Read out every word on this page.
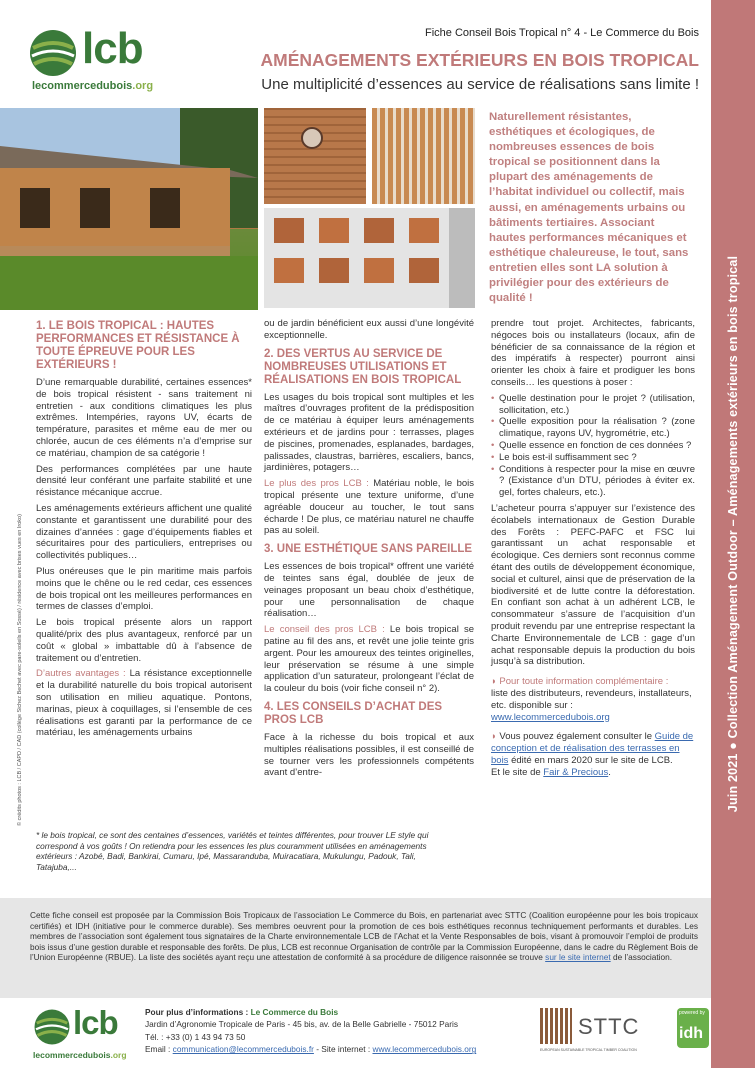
Juin 2021 ● Collection Aménagement Outdoor – Aménagements extérieurs en bois tropical
lcb
lecommercedubois.org
Fiche Conseil Bois Tropical n° 4 - Le Commerce du Bois
AMÉNAGEMENTS EXTÉRIEURS EN BOIS TROPICAL
Une multiplicité d’essences au service de réalisations sans limite !
Naturellement résistantes, esthétiques et écologiques, de nombreuses essences de bois tropical se positionnent dans la plupart des aménagements de l’habitat individuel ou collectif, mais aussi, en aménagements urbains ou bâtiments tertiaires. Associant hautes performances mécaniques et esthétique chaleureuse, le tout, sans entretien elles sont LA solution à privilégier pour des extérieurs de qualité !
© crédits photos : LCB / CAPD / CAD (collège Sichez Bechet avec pare-soleils en Sossé) / résidence avec brises vues en Iroko)
1. LE BOIS TROPICAL : HAUTES PERFORMANCES ET RÉSISTANCE À TOUTE ÉPREUVE POUR LES EXTÉRIEURS !

D’une remarquable durabilité, certaines essences* de bois tropical résistent - sans traitement ni entretien - aux conditions climatiques les plus extrêmes. Intempéries, rayons UV, écarts de température, parasites et même eau de mer ou chlorée, aucun de ces éléments n’a d’emprise sur ce matériau, champion de sa catégorie !

Des performances complétées par une haute densité leur conférant une parfaite stabilité et une résistance mécanique accrue.

Les aménagements extérieurs affichent une qualité constante et garantissent une durabilité pour des dizaines d’années : gage d’équipements fiables et sécuritaires pour des particuliers, entreprises ou collectivités publiques…

Plus onéreuses que le pin maritime mais parfois moins que le chêne ou le red cedar, ces essences de bois tropical ont les meilleures performances en termes de classes d’emploi.

Le bois tropical présente alors un rapport qualité/prix des plus avantageux, renforcé par un coût « global » imbattable dû à l’absence de traitement ou d’entretien.

D’autres avantages : La résistance exceptionnelle et la durabilité naturelle du bois tropical autorisent son utilisation en milieu aquatique. Pontons, marinas, pieux à coquillages, si l’ensemble de ces réalisations est garanti par la performance de ce matériau, les aménagements urbains

ou de jardin bénéficient eux aussi d’une longévité exceptionnelle.

2. DES VERTUS AU SERVICE DE NOMBREUSES UTILISATIONS ET RÉALISATIONS EN BOIS TROPICAL

Les usages du bois tropical sont multiples et les maîtres d’ouvrages profitent de la prédisposition de ce matériau à équiper leurs aménagements extérieurs et de jardins pour : terrasses, plages de piscines, promenades, esplanades, bardages, palissades, claustras, barrières, escaliers, bancs, jardinières, potagers…

Le plus des pros LCB : Matériau noble, le bois tropical présente une texture uniforme, d’une agréable douceur au toucher, le tout sans écharde ! De plus, ce matériau naturel ne chauffe pas au soleil.

3. UNE ESTHÉTIQUE SANS PAREILLE

Les essences de bois tropical* offrent une variété de teintes sans égal, doublée de jeux de veinages proposant un beau choix d’esthétique, pour une personnalisation de chaque réalisation…

Le conseil des pros LCB : Le bois tropical se patine au fil des ans, et revêt une jolie teinte gris argent. Pour les amoureux des teintes originelles, leur préservation se résume à une simple application d’un saturateur, prolongeant l’éclat de la couleur du bois (voir fiche conseil n° 2).

4. LES CONSEILS D’ACHAT DES PROS LCB

Face à la richesse du bois tropical et aux multiples réalisations possibles, il est conseillé de se tourner vers les professionnels compétents avant d’entre-

prendre tout projet. Architectes, fabricants, négoces bois ou installateurs (locaux, afin de bénéficier de sa connaissance de la région et des impératifs à respecter) pourront ainsi orienter les choix à faire et prodiguer les bons conseils… les questions à poser :

• Quelle destination pour le projet ? (utilisation, sollicitation, etc.)
• Quelle exposition pour la réalisation ? (zone climatique, rayons UV, hygrométrie, etc.)
• Quelle essence en fonction de ces données ?
• Le bois est-il suffisamment sec ?
• Conditions à respecter pour la mise en œuvre ? (Existance d’un DTU, périodes à éviter ex. gel, fortes chaleurs, etc.).

L’acheteur pourra s’appuyer sur l’existence des écolabels internationaux de Gestion Durable des Forêts : PEFC-PAFC et FSC lui garantissant un achat responsable et écologique. Ces derniers sont reconnus comme étant des outils de développement économique, social et culturel, ainsi que de préservation de la biodiversité et de lutte contre la déforestation. En confiant son achat à un adhérent LCB, le consommateur s’assure de l’acquisition d’un produit revendu par une entreprise respectant la Charte Environnementale de LCB : gage d’un achat responsable depuis la production du bois jusqu’à sa distribution.

◗ Pour toute information complémentaire :
liste des distributeurs, revendeurs, installateurs, etc. disponible sur :
www.lecommercedubois.org

◗ Vous pouvez également consulter le Guide de conception et de réalisation des terrasses en bois édité en mars 2020 sur le site de LCB.
Et le site de Fair & Precious.

* le bois tropical, ce sont des centaines d’essences, variétés et teintes différentes, pour trouver LE style qui correspond à vos goûts ! On retiendra pour les essences les plus couramment utilisées en aménagements extérieurs : Azobé, Badi, Bankirai, Cumaru, Ipé, Massaranduba, Muiracatiara, Mukulungu, Padouk, Tali, Tatajuba,...

Cette fiche conseil est proposée par la Commission Bois Tropicaux de l’association Le Commerce du Bois, en partenariat avec STTC (Coalition européenne pour les bois tropicaux certifiés) et IDH (initiative pour le commerce durable). Ses membres oeuvrent pour la promotion de ces bois esthétiques reconnus techniquement performants et durables. Les membres de l’association sont également tous signataires de la Charte environnementale LCB de l’Achat et la Vente Responsables de bois, visant à promouvoir l’emploi de produits bois issus d’une gestion durable et responsable des forêts. De plus, LCB est reconnue Organisation de contrôle par la Commission Européenne, dans le cadre du Règlement Bois de l’Union Européenne (RBUE). La liste des sociétés ayant reçu une attestation de conformité à sa procédure de diligence raisonnée se trouve sur le site internet de l’association.

lcb
lecommercedubois.org
Pour plus d’informations : Le Commerce du Bois
Jardin d’Agronomie Tropicale de Paris - 45 bis, av. de la Belle Gabrielle - 75012 Paris
Tél. : +33 (0) 1 43 94 73 50
Email : communication@lecommercedubois.fr - Site internet : www.lecommercedubois.org
STTC
EUROPEAN SUSTAINABLE TROPICAL TIMBER COALITION
powered by
idh
